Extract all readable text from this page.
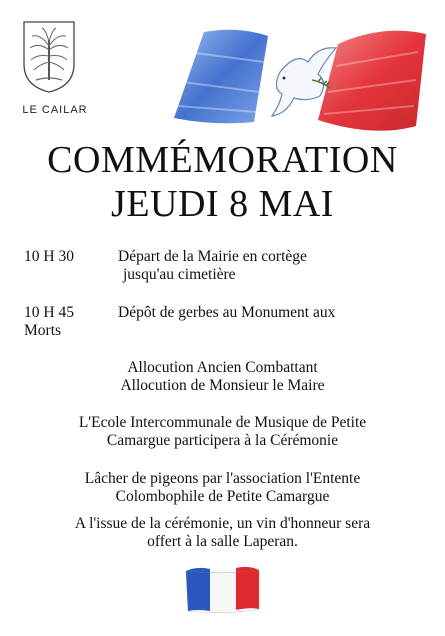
LE CAILAR
COMMÉMORATION
JEUDI 8 MAI
10 H 30	Départ de la Mairie en cortège
jusqu'au cimetière
10 H 45	Dépôt de gerbes au Monument aux
Morts
Allocution Ancien Combattant
Allocution de Monsieur le Maire
L'Ecole Intercommunale de Musique de Petite
Camargue participera à la Cérémonie
Lâcher de pigeons par l'association l'Entente
Colombophile de Petite Camargue
A l'issue de la cérémonie, un vin d'honneur sera
offert à la salle Laperan.
